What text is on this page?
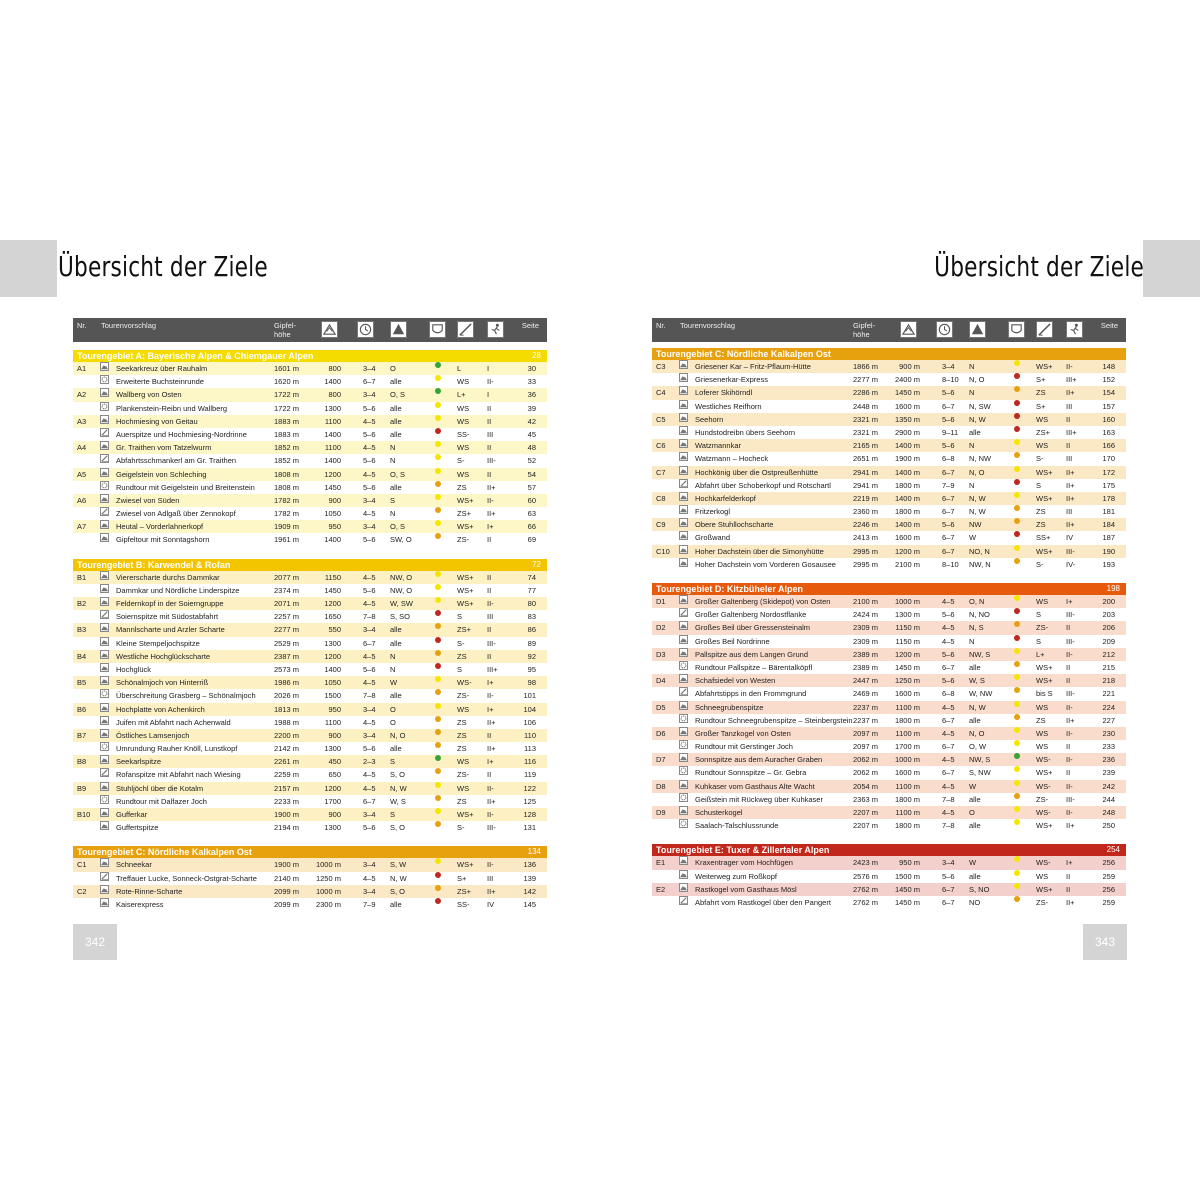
Übersicht der Ziele	Übersicht der Ziele
Nr. Tourenvorschlag	Gipfel-
höhe
Seite
Tourengebiet A: Bayerische Alpen & Chiemgauer Alpen	28
A1	Seekarkreuz über Rauhalm	1601 m	800	3–4 O	L	I	30
Erweiterte Buchsteinrunde	1620 m	1400	6–7 alle	WS II-	33
A2	Wallberg von Osten	1722 m	800	3–4 O, S	L+	I	36
Plankenstein-Reibn und Wallberg	1722 m	1300	5–6 alle	WS II	39
A3	Hochmiesing von Geitau	1883 m	1100	4–5 alle	WS II	42
Auerspitze und Hochmiesing-Nordrinne	1883 m	1400	5–6 alle	SS- III	45
A4	Gr. Traithen vom Tatzelwurm	1852 m	1100	4–5 N	WS II	48
Abfahrtsschmankerl am Gr. Traithen	1852 m	1400	5–6 N	S-	III-	52
A5	Geigelstein von Schleching	1808 m	1200	4–5 O, S	WS II	54
Rundtour mit Geigelstein und Breitenstein	1808 m	1450	5–6 alle	ZS	II+	57
A6	Zwiesel von Süden	1782 m	900	3–4 S	WS+ II-	60
Zwiesel von Adlgaß über Zennokopf	1782 m	1050	4–5 N	ZS+ II+	63
A7	Heutal – Vorderlahnerkopf	1909 m	950	3–4 O, S	WS+ I+	66
Gipfeltour mit Sonntagshorn	1961 m	1400	5–6 SW, O	ZS- II	69
Tourengebiet B: Karwendel & Rofan	72
B1	Viererscharte durchs Dammkar	2077 m	1150	4–5 NW, O	WS+ II	74
Dammkar und Nördliche Linderspitze	2374 m	1450	5–6 NW, O	WS+ II	77
B2	Feldernkopf in der Soierngruppe	2071 m	1200	4–5 W, SW	WS+ II-	80
Soiernspitze mit Südostabfahrt	2257 m	1650	7–8 S, SO	S	III	83
B3	Mannlscharte und Arzler Scharte	2277 m	550	3–4 alle	ZS+ II	86
Kleine Stempeljochspitze	2529 m	1300	6–7 alle	S-	III-	89
B4	Westliche Hochglückscharte	2387 m	1200	4–5 N	ZS	II	92
Hochglück	2573 m	1400	5–6 N	S	III+	95
B5	Schönalmjoch von Hinterriß	1986 m	1050	4–5 W	WS- I+	98
Überschreitung Grasberg – Schönalmjoch 2026 m	1500	7–8 alle	ZS- II-	101
B6	Hochplatte von Achenkirch	1813 m	950	3–4 O	WS I+	104
Juifen mit Abfahrt nach Achenwald	1988 m	1100	4–5 O	ZS	II+	106
B7	Östliches Lamsenjoch	2200 m	900	3–4 N, O	ZS	II	110
Umrundung Rauher Knöll, Lunstkopf	2142 m	1300	5–6 alle	ZS	II+	113
B8	Seekarlspitze	2261 m	450	2–3 S	WS I+	116
Rofanspitze mit Abfahrt nach Wiesing	2259 m	650	4–5 S, O	ZS- II	119
B9	Stuhljöchl über die Kotalm	2157 m	1200	4–5 N, W	WS II-	122
Rundtour mit Dalfazer Joch	2233 m	1700	6–7 W, S	ZS	II+	125
B10	Gufferkar	1900 m	900	3–4 S	WS+ II-	128
Guffertspitze	2194 m	1300	5–6 S, O	S-	III-	131
Tourengebiet C: Nördliche Kalkalpen Ost	134
C1	Schneekar	1900 m 1000 m	3–4 S, W	WS+ II-	136
Treffauer Lucke, Sonneck-Ostgrat-Scharte 2140 m 1250 m	4–5 N, W	S+	III	139
C2	Rote-Rinne-Scharte	2099 m 1000 m	3–4 S, O	ZS+ II+	142
Kaiserexpress	2099 m 2300 m	7–9 alle	SS- IV	145
Nr. Tourenvorschlag	Gipfel-
höhe
Seite
Tourengebiet C: Nördliche Kalkalpen Ost
C3	Griesener Kar – Fritz-Pflaum-Hütte	1866 m	900 m	3–4 N	WS+ II-	148
Griesenerkar-Express	2277 m 2400 m	8–10 N, O	S+	III+	152
C4	Loferer Skihörndl	2286 m 1450 m	5–6 N	ZS	II+	154
Westliches Reifhorn	2448 m 1600 m	6–7 N, SW	S+	III	157
C5	Seehorn	2321 m 1350 m	5–6 N, W	WS II	160
Hundstodreibn übers Seehorn	2321 m 2900 m	9–11 alle	ZS+ III+	163
C6	Watzmannkar	2165 m 1400 m	5–6 N	WS II	166
Watzmann – Hocheck	2651 m 1900 m	6–8 N, NW	S-	III	170
C7	Hochkönig über die Ostpreußenhütte	2941 m 1400 m	6–7 N, O	WS+ II+	172
Abfahrt über Schoberkopf und Rotschartl	2941 m 1800 m	7–9 N	S	II+	175
C8	Hochkarfelderkopf	2219 m 1400 m	6–7 N, W	WS+ II+	178
Fritzerkogl	2360 m 1800 m	6–7 N, W	ZS	III	181
C9	Obere Stuhllochscharte	2246 m 1400 m	5–6 NW	ZS	II+	184
Großwand	2413 m 1600 m	6–7 W	SS+ IV	187
C10	Hoher Dachstein über die Simonyhütte	2995 m 1200 m	6–7 NO, N	WS+ III-	190
Hoher Dachstein vom Vorderen Gosausee 2995 m 2100 m	8–10 NW, N	S-	IV-	193
Tourengebiet D: Kitzbüheler Alpen	198
D1	Großer Galtenberg (Skidepot) von Osten	2100 m 1000 m	4–5 O, N	WS I+	200
Großer Galtenberg Nordostflanke	2424 m 1300 m	5–6 N, NO	S	III-	203
D2	Großes Beil über Gressensteinalm	2309 m 1150 m	4–5 N, S	ZS- II	206
Großes Beil Nordrinne	2309 m 1150 m	4–5 N	S	III-	209
D3	Pallspitze aus dem Langen Grund	2389 m 1200 m	5–6 NW, S	L+	II-	212
Rundtour Pallspitze – Bärentalköpfl	2389 m 1450 m	6–7 alle	WS+ II	215
D4	Schafsiedel von Westen	2447 m 1250 m	5–6 W, S	WS+ II	218
Abfahrtstipps in den Frommgrund	2469 m 1600 m	6–8 W, NW	bis S III-	221
D5	Schneegrubenspitze	2237 m 1100 m	4–5 N, W	WS II-	224
Rundtour Schneegrubenspitze – Steinbergstein 2237 m 1800 m	6–7 alle	ZS	II+	227
D6	Großer Tanzkogel von Osten	2097 m 1100 m	4–5 N, O	WS II-	230
Rundtour mit Gerstinger Joch	2097 m 1700 m	6–7 O, W	WS II	233
D7	Sonnspitze aus dem Auracher Graben	2062 m 1000 m	4–5 NW, S	WS- II-	236
Rundtour Sonnspitze – Gr. Gebra	2062 m 1600 m	6–7 S, NW	WS+ II	239
D8	Kuhkaser vom Gasthaus Alte Wacht	2054 m 1100 m	4–5 W	WS- II-	242
Geißstein mit Rückweg über Kuhkaser	2363 m 1800 m	7–8 alle	ZS- III-	244
D9	Schusterkogel	2207 m 1100 m	4–5 O	WS- II-	248
Saalach-Talschlussrunde	2207 m 1800 m	7–8 alle	WS+ II+	250
Tourengebiet E: Tuxer & Zillertaler Alpen	254
E1	Kraxentrager vom Hochfügen	2423 m	950 m	3–4 W	WS- I+	256
Weiterweg zum Roßkopf	2576 m 1500 m	5–6 alle	WS II	259
E2	Rastkogel vom Gasthaus Mösl	2762 m 1450 m	6–7 S, NO	WS+ II	256
Abfahrt vom Rastkogel über den Pangert	2762 m 1450 m	6–7 NO	ZS- II+	259
342	343
